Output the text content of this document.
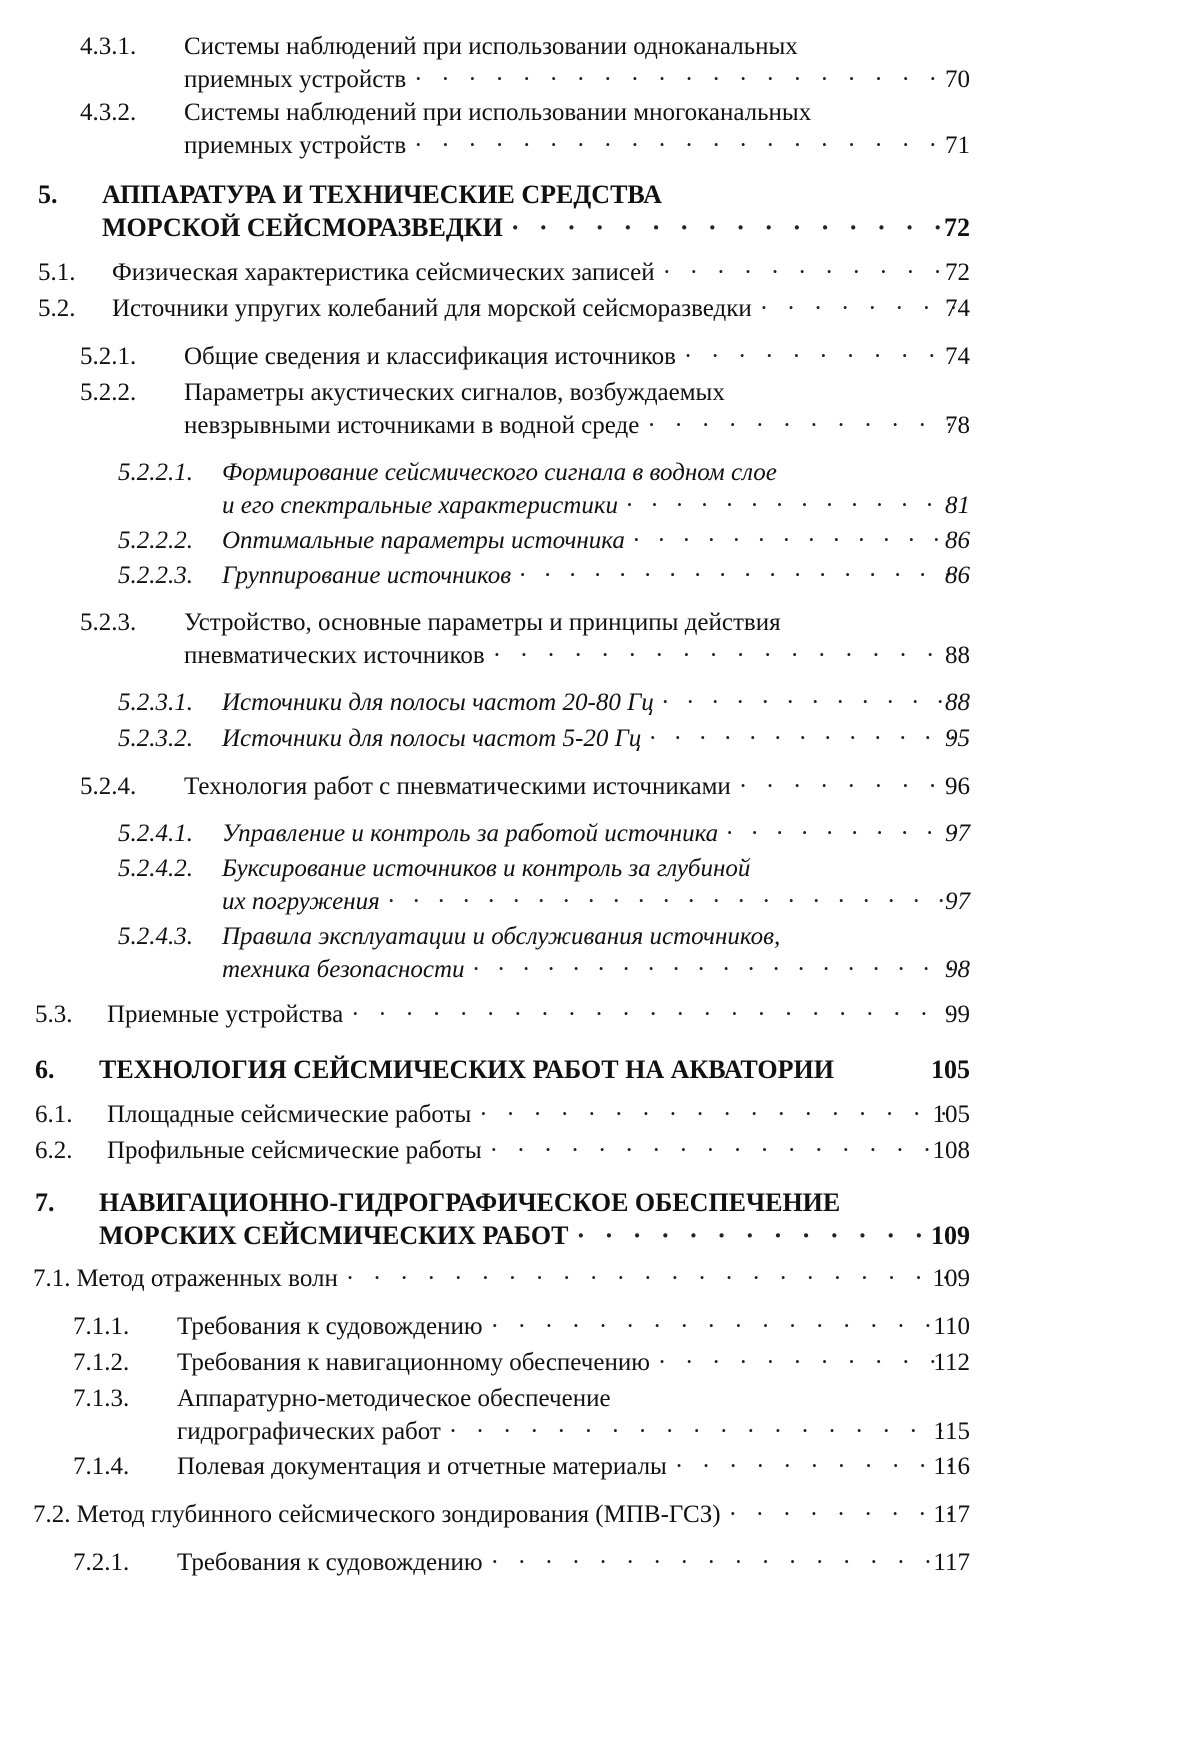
4.3.1. Системы наблюдений при использовании одноканальных
приемных устройств
· ·	70
4.3.2. Системы наблюдений при использовании многоканальных
приемных устройств
· ·	71
5. АППАРАТУРА И ТЕХНИЧЕСКИЕ СРЕДСТВА
МОРСКОЙ СЕЙСМОРАЗВЕДКИ
· ·	72
5.1. Физическая характеристика сейсмических записей
· ·	72
5.2. Источники упругих колебаний для морской сейсморазведки
· ·	74
5.2.1. Общие сведения и классификация источников
· ·	74
5.2.2. Параметры акустических сигналов, возбуждаемых
невзрывными источниками в водной среде
· ·	78
5.2.2.1. Формирование сейсмического сигнала в водном слое
и его спектральные характеристики
· ·	81
5.2.2.2. Оптимальные параметры источника
· ·	86
5.2.2.3. Группирование источников
· ·	86
5.2.3. Устройство, основные параметры и принципы действия
пневматических источников
· ·	88
5.2.3.1. Источники для полосы частот 20-80 Гц
· ·	88
5.2.3.2. Источники для полосы частот 5-20 Гц
· ·	95
5.2.4. Технология работ с пневматическими источниками
· ·	96
5.2.4.1. Управление и контроль за работой источника
· ·	97
5.2.4.2. Буксирование источников и контроль за глубиной
их погружения
· ·	97
5.2.4.3. Правила эксплуатации и обслуживания источников,
техника безопасности
· ·	98
5.3. Приемные устройства
· ·	99
6. ТЕХНОЛОГИЯ СЕЙСМИЧЕСКИХ РАБОТ НА АКВАТОРИИ	105
6.1. Площадные сейсмические работы
· ·	105
6.2. Профильные сейсмические работы
· ·	108
7. НАВИГАЦИОННО-ГИДРОГРАФИЧЕСКОЕ ОБЕСПЕЧЕНИЕ
МОРСКИХ СЕЙСМИЧЕСКИХ РАБОТ
· ·	109
7.1. Метод отраженных волн
· ·	109
7.1.1. Требования к судовождению
· ·	110
7.1.2. Требования к навигационному обеспечению
· ·	112
7.1.3. Аппаратурно-методическое обеспечение
гидрографических работ
· ·	115
7.1.4. Полевая документация и отчетные материалы
· ·	116
7.2. Метод глубинного сейсмического зондирования (МПВ-ГСЗ)
· ·	117
7.2.1. Требования к судовождению
· ·	117
